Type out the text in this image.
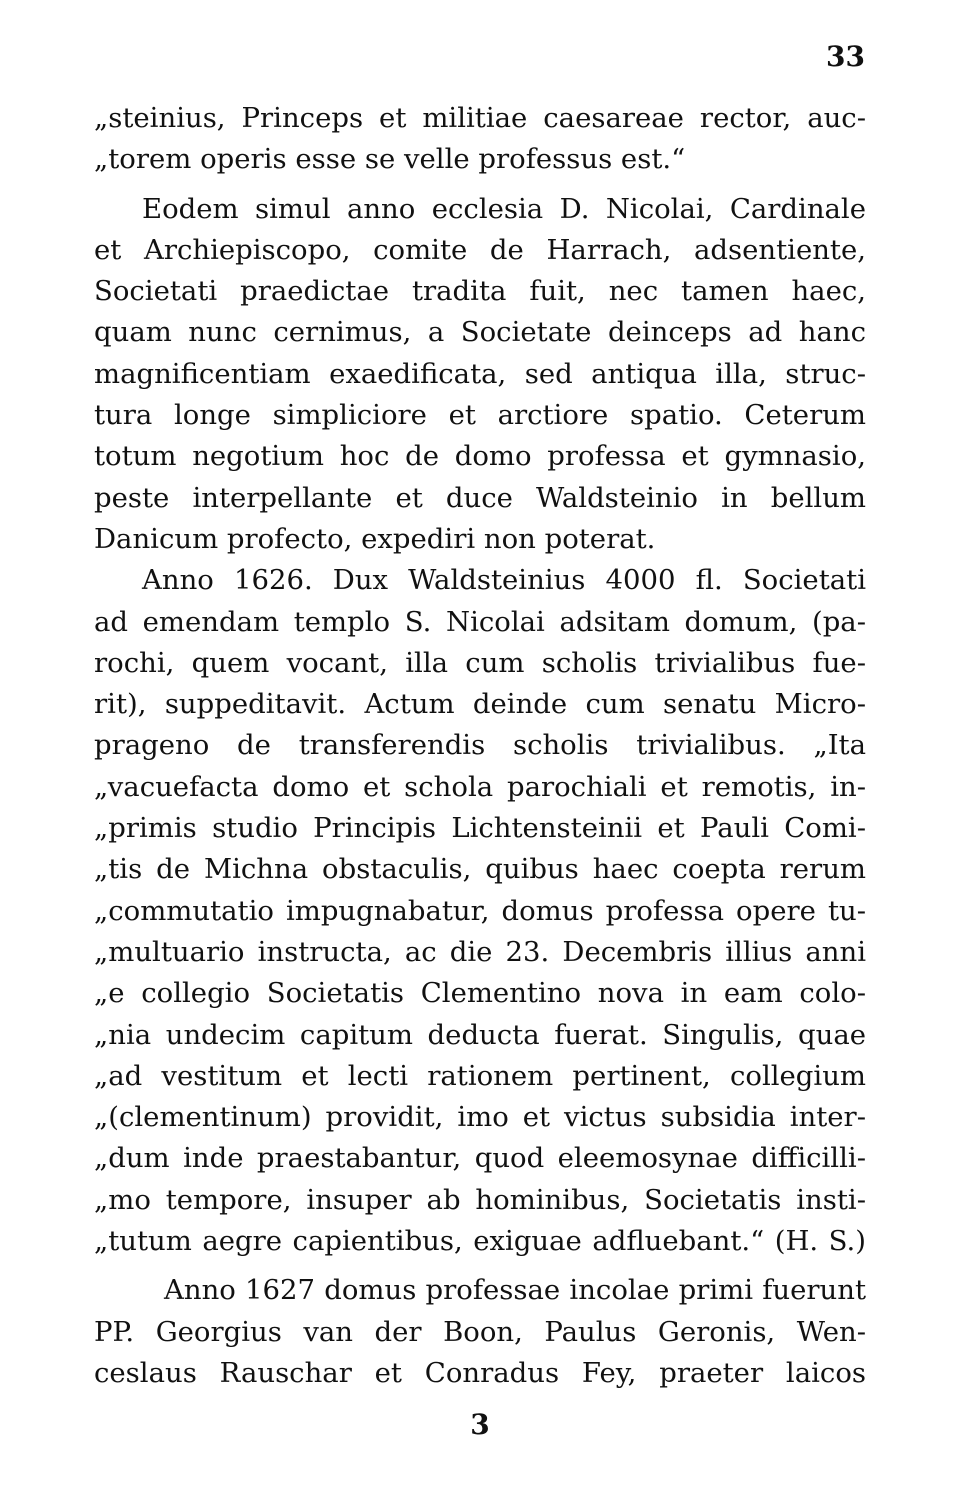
33
„steinius, Princeps et militiae caesareae rector, auc-
„torem operis esse se velle professus est.“
Eodem simul anno ecclesia D. Nicolai, Cardinale
et Archiepiscopo, comite de Harrach, adsentiente,
Societati praedictae tradita fuit, nec tamen haec,
quam nunc cernimus, a Societate deinceps ad hanc
magnificentiam exaedificata, sed antiqua illa, struc-
tura longe simpliciore et arctiore spatio. Ceterum
totum negotium hoc de domo professa et gymnasio,
peste interpellante et duce Waldsteinio in bellum
Danicum profecto, expediri non poterat.
Anno 1626. Dux Waldsteinius 4000 fl. Societati
ad emendam templo S. Nicolai adsitam domum, (pa-
rochi, quem vocant, illa cum scholis trivialibus fue-
rit), suppeditavit. Actum deinde cum senatu Micro-
prageno de transferendis scholis trivialibus. „Ita
„vacuefacta domo et schola parochiali et remotis, in-
„primis studio Principis Lichtensteinii et Pauli Comi-
„tis de Michna obstaculis, quibus haec coepta rerum
„commutatio impugnabatur, domus professa opere tu-
„multuario instructa, ac die 23. Decembris illius anni
„e collegio Societatis Clementino nova in eam colo-
„nia undecim capitum deducta fuerat. Singulis, quae
„ad vestitum et lecti rationem pertinent, collegium
„(clementinum) providit, imo et victus subsidia inter-
„dum inde praestabantur, quod eleemosynae difficilli-
„mo tempore, insuper ab hominibus, Societatis insti-
„tutum aegre capientibus, exiguae adfluebant.“ (H. S.)
Anno 1627 domus professae incolae primi fuerunt
PP. Georgius van der Boon, Paulus Geronis, Wen-
ceslaus Rauschar et Conradus Fey, praeter laicos
3
